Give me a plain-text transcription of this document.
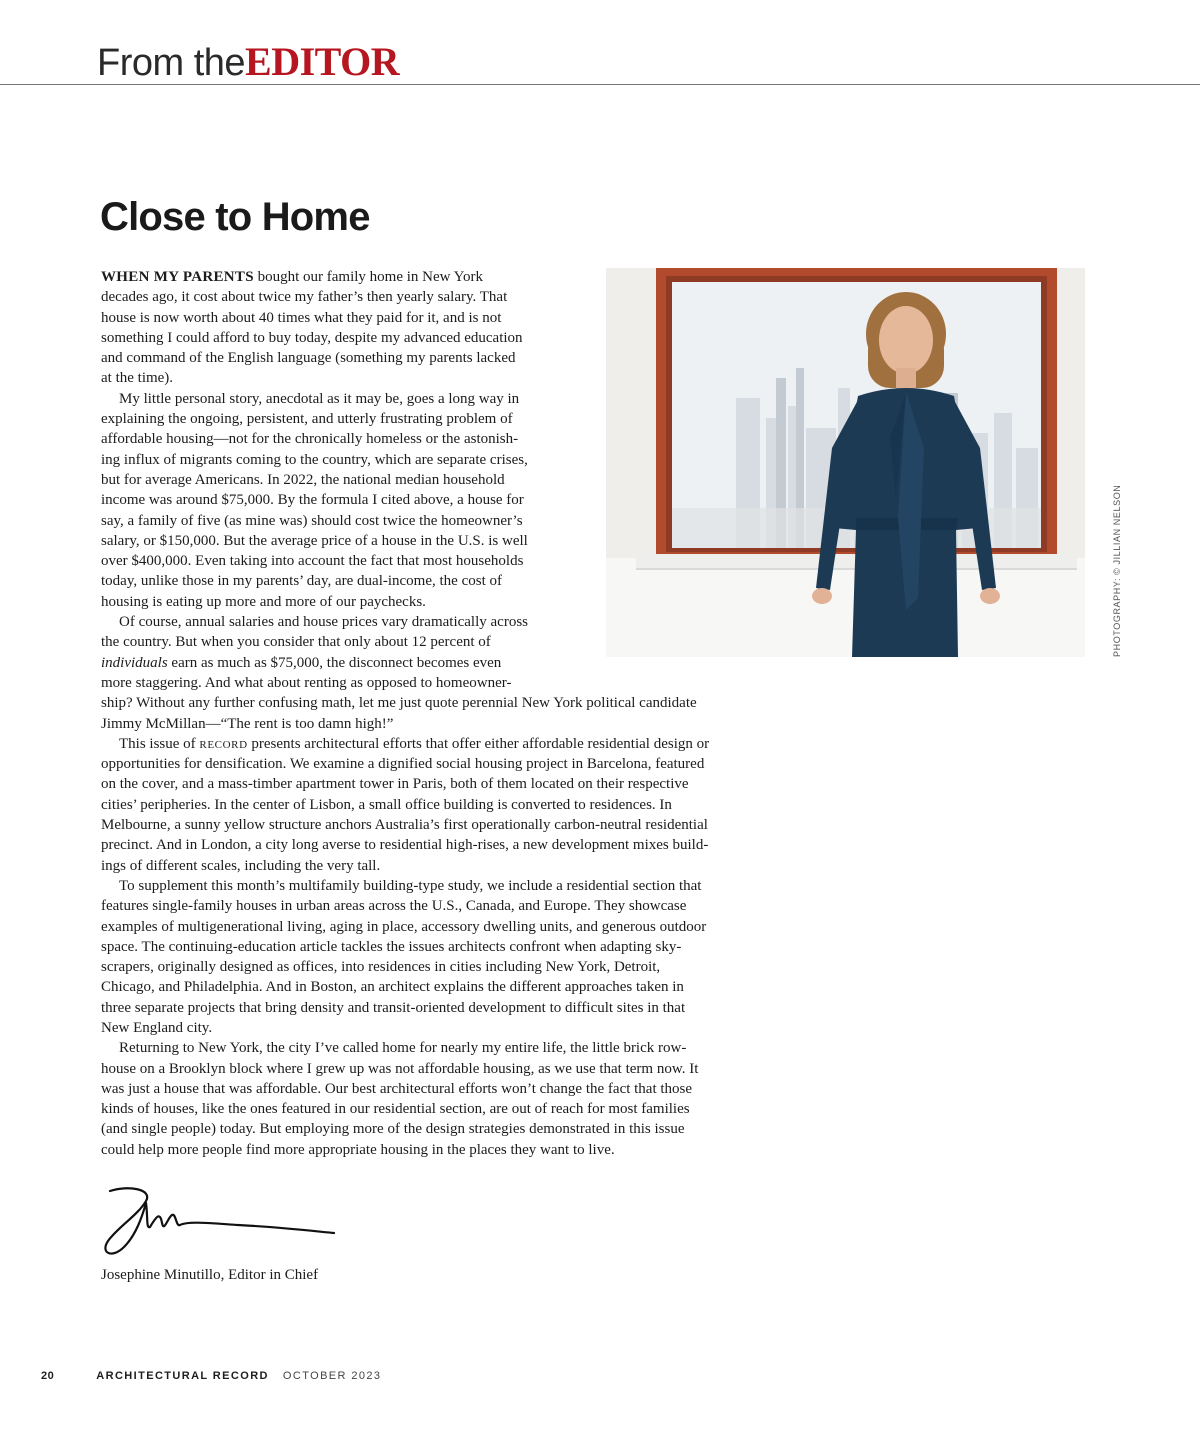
From theEDITOR
Close to Home
PHOTOGRAPHY: © JILLIAN NELSON
WHEN MY PARENTS bought our family home in New York
decades ago, it cost about twice my father’s then yearly salary. That
house is now worth about 40 times what they paid for it, and is not
something I could afford to buy today, despite my advanced education
and command of the English language (something my parents lacked
at the time).
My little personal story, anecdotal as it may be, goes a long way in
explaining the ongoing, persistent, and utterly frustrating problem of
affordable housing—not for the chronically homeless or the astonish-
ing influx of migrants coming to the country, which are separate crises,
but for average Americans. In 2022, the national median household
income was around $75,000. By the formula I cited above, a house for
say, a family of five (as mine was) should cost twice the homeowner’s
salary, or $150,000. But the average price of a house in the U.S. is well
over $400,000. Even taking into account the fact that most households
today, unlike those in my parents’ day, are dual-income, the cost of
housing is eating up more and more of our paychecks.
Of course, annual salaries and house prices vary dramatically across
the country. But when you consider that only about 12 percent of
individuals earn as much as $75,000, the disconnect becomes even
more staggering. And what about renting as opposed to homeowner-
ship? Without any further confusing math, let me just quote perennial New York political candidate
Jimmy McMillan—“The rent is too damn high!”
This issue of RECORD presents architectural efforts that offer either affordable residential design or
opportunities for densification. We examine a dignified social housing project in Barcelona, featured
on the cover, and a mass-timber apartment tower in Paris, both of them located on their respective
cities’ peripheries. In the center of Lisbon, a small office building is converted to residences. In
Melbourne, a sunny yellow structure anchors Australia’s first operationally carbon-neutral residential
precinct. And in London, a city long averse to residential high-rises, a new development mixes build-
ings of different scales, including the very tall.
To supplement this month’s multifamily building-type study, we include a residential section that
features single-family houses in urban areas across the U.S., Canada, and Europe. They showcase
examples of multigenerational living, aging in place, accessory dwelling units, and generous outdoor
space. The continuing-education article tackles the issues architects confront when adapting sky-
scrapers, originally designed as offices, into residences in cities including New York, Detroit,
Chicago, and Philadelphia. And in Boston, an architect explains the different approaches taken in
three separate projects that bring density and transit-oriented development to difficult sites in that
New England city.
Returning to New York, the city I’ve called home for nearly my entire life, the little brick row-
house on a Brooklyn block where I grew up was not affordable housing, as we use that term now. It
was just a house that was affordable. Our best architectural efforts won’t change the fact that those
kinds of houses, like the ones featured in our residential section, are out of reach for most families
(and single people) today. But employing more of the design strategies demonstrated in this issue
could help more people find more appropriate housing in the places they want to live.
Josephine Minutillo, Editor in Chief
20	ARCHITECTURAL RECORD OCTOBER 2023
